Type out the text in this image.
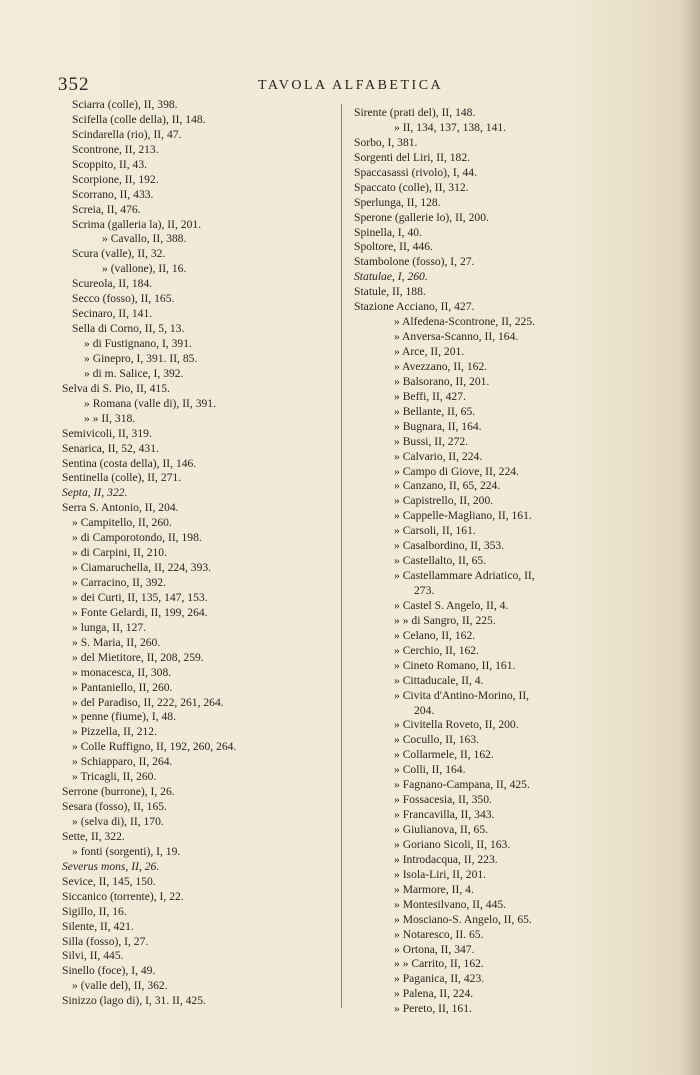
352	TAVOLA ALFABETICA
Sciarra (colle), II, 398.
Scifella (colle della), II, 148.
Scindarella (rio), II, 47.
Scontrone, II, 213.
Scoppito, II, 43.
Scorpione, II, 192.
Scorrano, II, 433.
Screia, II, 476.
Scrima (galleria la), II, 201.
» Cavallo, II, 388.
Scura (valle), II, 32.
» (vallone), II, 16.
Scureola, II, 184.
Secco (fosso), II, 165.
Secinaro, II, 141.
Sella di Corno, II, 5, 13.
» di Fustignano, I, 391.
» Ginepro, I, 391. II, 85.
» di m. Salice, I, 392.
Selva di S. Pio, II, 415.
» Romana (valle di), II, 391.
» » II, 318.
Semivicoli, II, 319.
Senarica, II, 52, 431.
Sentina (costa della), II, 146.
Sentinella (colle), II, 271.
Septa, II, 322.
Serra S. Antonio, II, 204.
» Campitello, II, 260.
» di Camporotondo, II, 198.
» di Carpini, II, 210.
» Ciamaruchella, II, 224, 393.
» Carracino, II, 392.
» dei Curti, II, 135, 147, 153.
» Fonte Gelardi, II, 199, 264.
» lunga, II, 127.
» S. Maria, II, 260.
» del Mietitore, II, 208, 259.
» monacesca, II, 308.
» Pantaniello, II, 260.
» del Paradiso, II, 222, 261, 264.
» penne (fiume), I, 48.
» Pizzella, II, 212.
» Colle Ruffigno, II, 192, 260, 264.
» Schiapparo, II, 264.
» Tricagli, II, 260.
Serrone (burrone), I, 26.
Sesara (fosso), II, 165.
» (selva di), II, 170.
Sette, II, 322.
» fonti (sorgenti), I, 19.
Severus mons, II, 26.
Sevice, II, 145, 150.
Siccanico (torrente), I, 22.
Sigillo, II, 16.
Silente, II, 421.
Silla (fosso), I, 27.
Silvi, II, 445.
Sinello (foce), I, 49.
» (valle del), II, 362.
Sinizzo (lago di), I, 31. II, 425.
Sirente (prati del), II, 148.
» II, 134, 137, 138, 141.
Sorbo, I, 381.
Sorgenti del Liri, II, 182.
Spaccasassi (rivolo), I, 44.
Spaccato (colle), II, 312.
Sperlunga, II, 128.
Sperone (gallerie lo), II, 200.
Spinella, I, 40.
Spoltore, II, 446.
Stambolone (fosso), I, 27.
Statulae, I, 260.
Statule, II, 188.
Stazione Acciano, II, 427.
» Alfedena-Scontrone, II, 225.
» Anversa-Scanno, II, 164.
» Arce, II, 201.
» Avezzano, II, 162.
» Balsorano, II, 201.
» Beffi, II, 427.
» Bellante, II, 65.
» Bugnara, II, 164.
» Bussi, II, 272.
» Calvario, II, 224.
» Campo di Giove, II, 224.
» Canzano, II, 65, 224.
» Capistrello, II, 200.
» Cappelle-Magliano, II, 161.
» Carsoli, II, 161.
» Casalbordino, II, 353.
» Castellalto, II, 65.
» Castellammare Adriatico, II,
273.
» Castel S. Angelo, II, 4.
» » di Sangro, II, 225.
» Celano, II, 162.
» Cerchio, II, 162.
» Cineto Romano, II, 161.
» Cittaducale, II, 4.
» Civita d'Antino-Morino, II,
204.
» Civitella Roveto, II, 200.
» Cocullo, II, 163.
» Collarmele, II, 162.
» Colli, II, 164.
» Fagnano-Campana, II, 425.
» Fossacesia, II, 350.
» Francavilla, II, 343.
» Giulianova, II, 65.
» Goriano Sicoli, II, 163.
» Introdacqua, II, 223.
» Isola-Liri, II, 201.
» Marmore, II, 4.
» Montesilvano, II, 445.
» Mosciano-S. Angelo, II, 65.
» Notaresco, II. 65.
» Ortona, II, 347.
» » Carrito, II, 162.
» Paganica, II, 423.
» Palena, II, 224.
» Pereto, II, 161.
